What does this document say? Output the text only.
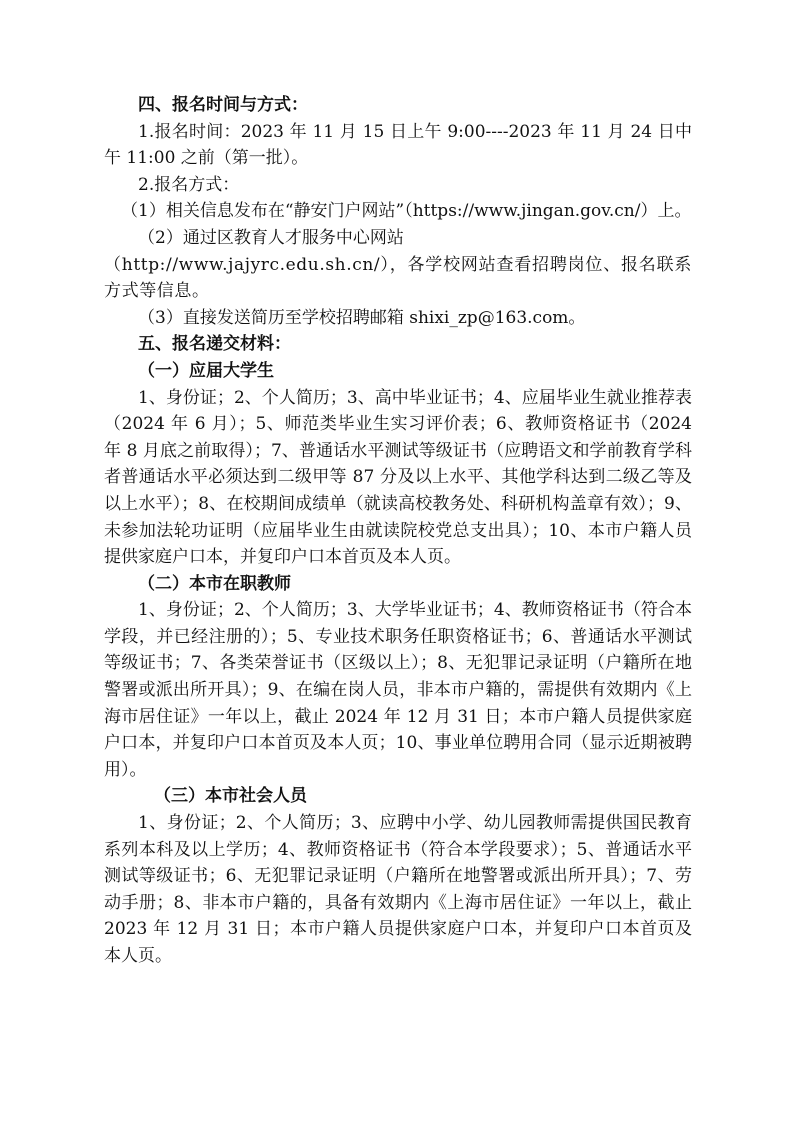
四、报名时间与方式：

1.报名时间：2023 年 11 月 15 日上午 9:00----2023 年 11 月 24 日中午 11:00 之前（第一批）。

2.报名方式：

（1）相关信息发布在“静安门户网站”（https://www.jingan.gov.cn/）上。

（2）通过区教育人才服务中心网站

（http://www.jajyrc.edu.sh.cn/），各学校网站查看招聘岗位、报名联系方式等信息。

（3）直接发送简历至学校招聘邮箱 shixi_zp@163.com。

五、报名递交材料：

（一）应届大学生

1、身份证；2、个人简历；3、高中毕业证书；4、应届毕业生就业推荐表（2024 年 6 月）；5、师范类毕业生实习评价表；6、教师资格证书（2024 年 8 月底之前取得）；7、普通话水平测试等级证书（应聘语文和学前教育学科者普通话水平必须达到二级甲等 87 分及以上水平、其他学科达到二级乙等及以上水平）；8、在校期间成绩单（就读高校教务处、科研机构盖章有效）；9、未参加法轮功证明（应届毕业生由就读院校党总支出具）；10、本市户籍人员提供家庭户口本，并复印户口本首页及本人页。

（二）本市在职教师

1、身份证；2、个人简历；3、大学毕业证书；4、教师资格证书（符合本学段，并已经注册的）；5、专业技术职务任职资格证书；6、普通话水平测试等级证书；7、各类荣誉证书（区级以上）；8、无犯罪记录证明（户籍所在地警署或派出所开具）；9、在编在岗人员，非本市户籍的，需提供有效期内《上海市居住证》一年以上，截止 2024 年 12 月 31 日；本市户籍人员提供家庭户口本，并复印户口本首页及本人页；10、事业单位聘用合同（显示近期被聘用）。

（三）本市社会人员

1、身份证；2、个人简历；3、应聘中小学、幼儿园教师需提供国民教育系列本科及以上学历；4、教师资格证书（符合本学段要求）；5、普通话水平测试等级证书；6、无犯罪记录证明（户籍所在地警署或派出所开具）；7、劳动手册；8、非本市户籍的，具备有效期内《上海市居住证》一年以上，截止 2023 年 12 月 31 日；本市户籍人员提供家庭户口本，并复印户口本首页及本人页。
